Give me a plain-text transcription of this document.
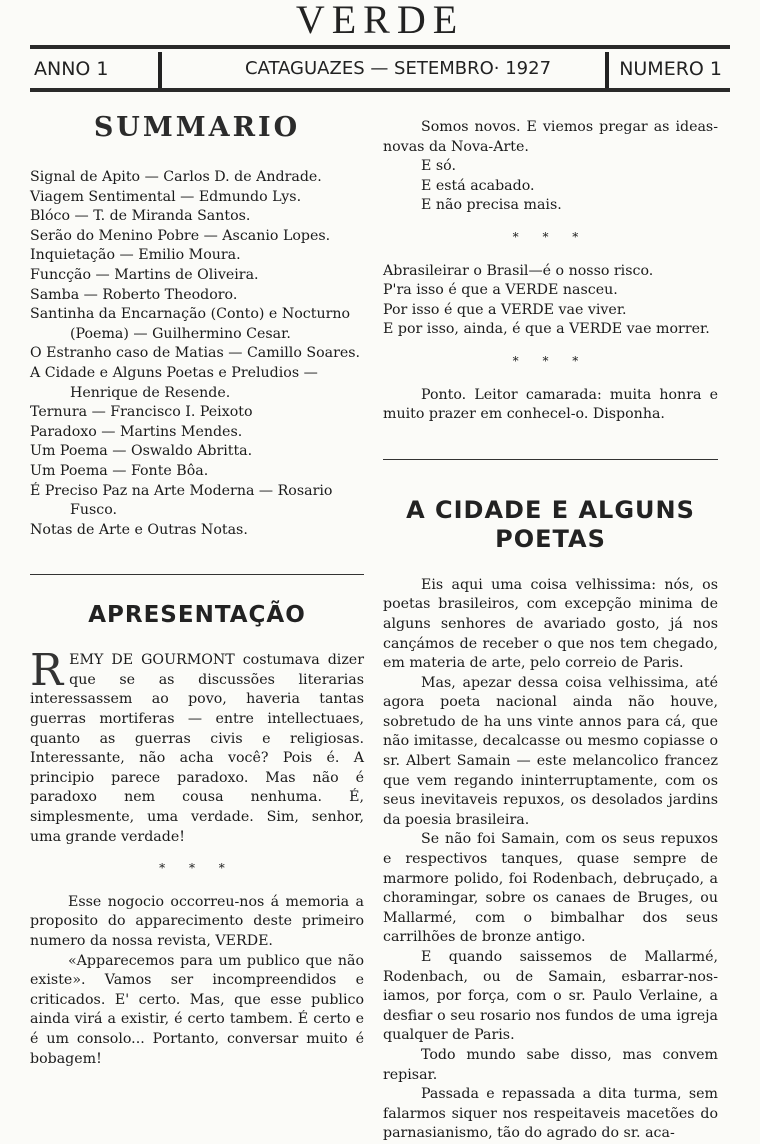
VERDE
ANNO 1	CATAGUAZES — SETEMBRO· 1927	NUMERO 1
SUMMARIO
Signal de Apito — Carlos D. de Andrade.
Viagem Sentimental — Edmundo Lys.
Blóco — T. de Miranda Santos.
Serão do Menino Pobre — Ascanio Lopes.
Inquietação — Emilio Moura.
Funcção — Martins de Oliveira.
Samba — Roberto Theodoro.
Santinha da Encarnação (Conto) e Nocturno (Poema) — Guilhermino Cesar.
O Estranho caso de Matias — Camillo Soares.
A Cidade e Alguns Poetas e Preludios — Henrique de Resende.
Ternura — Francisco I. Peixoto
Paradoxo — Martins Mendes.
Um Poema — Oswaldo Abritta.
Um Poema — Fonte Bôa.
É Preciso Paz na Arte Moderna — Rosario Fusco.
Notas de Arte e Outras Notas.
APRESENTAÇÃO

REMY DE GOURMONT costumava dizer que se as discussões literarias interessassem ao povo, haveria tantas guerras mortiferas — entre intellectuaes, quanto as guerras civis e religiosas. Interessante, não acha você? Pois é. A principio parece paradoxo. Mas não é paradoxo nem cousa nenhuma. É, simplesmente, uma verdade. Sim, senhor, uma grande verdade!

* * *

Esse nogocio occorreu-nos á memoria a proposito do apparecimento deste primeiro numero da nossa revista, VERDE.

«Apparecemos para um publico que não existe». Vamos ser incompreendidos e criticados. E' certo. Mas, que esse publico ainda virá a existir, é certo tambem. É certo e é um consolo... Portanto, conversar muito é bobagem!

Somos novos. E viemos pregar as ideas-novas da Nova-Arte.

E só.
E está acabado.
E não precisa mais.
* * *
Abrasileirar o Brasil—é o nosso risco.
P'ra isso é que a VERDE nasceu.
Por isso é que a VERDE vae viver.
E por isso, ainda, é que a VERDE vae morrer.
* * *

Ponto. Leitor camarada: muita honra e muito prazer em conhecel-o. Disponha.

A CIDADE E ALGUNS POETAS

Eis aqui uma coisa velhissima: nós, os poetas brasileiros, com excepção minima de alguns senhores de avariado gosto, já nos cançámos de receber o que nos tem chegado, em materia de arte, pelo correio de Paris.

Mas, apezar dessa coisa velhissima, até agora poeta nacional ainda não houve, sobretudo de ha uns vinte annos para cá, que não imitasse, decalcasse ou mesmo copiasse o sr. Albert Samain — este melancolico francez que vem regando ininterruptamente, com os seus inevitaveis repuxos, os desolados jardins da poesia brasileira.

Se não foi Samain, com os seus repuxos e respectivos tanques, quase sempre de marmore polido, foi Rodenbach, debruçado, a choramingar, sobre os canaes de Bruges, ou Mallarmé, com o bimbalhar dos seus carrilhões de bronze antigo.

E quando saissemos de Mallarmé, Rodenbach, ou de Samain, esbarrar-nos-iamos, por força, com o sr. Paulo Verlaine, a desfiar o seu rosario nos fundos de uma igreja qualquer de Paris.

Todo mundo sabe disso, mas convem repisar.

Passada e repassada a dita turma, sem falarmos siquer nos respeitaveis macetões do parnasianismo, tão do agrado do sr. aca-
